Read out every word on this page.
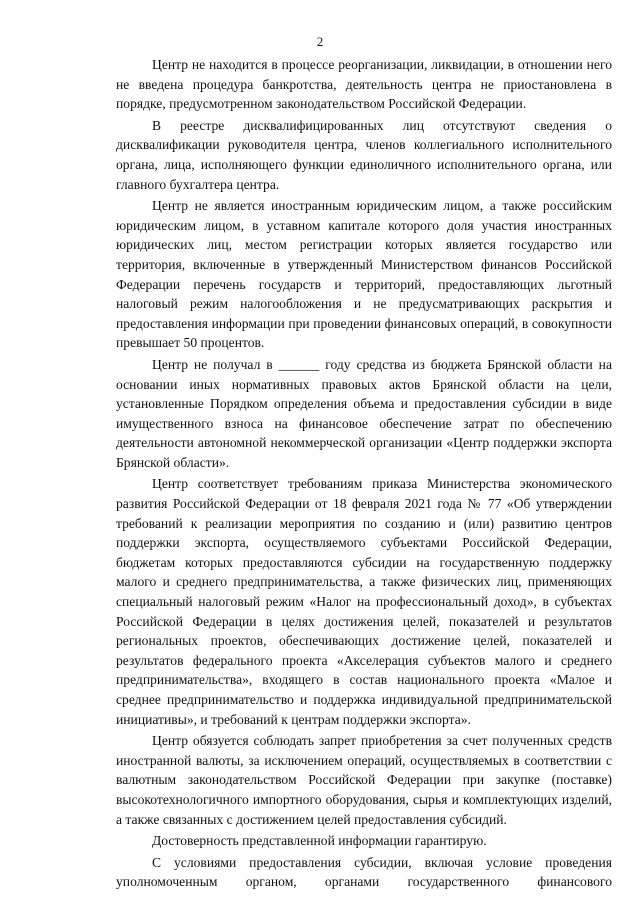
2

Центр не находится в процессе реорганизации, ликвидации, в отношении него не введена процедура банкротства, деятельность центра не приостановлена в порядке, предусмотренном законодательством Российской Федерации.

В реестре дисквалифицированных лиц отсутствуют сведения о дисквалификации руководителя центра, членов коллегиального исполнительного органа, лица, исполняющего функции единоличного исполнительного органа, или главного бухгалтера центра.

Центр не является иностранным юридическим лицом, а также российским юридическим лицом, в уставном капитале которого доля участия иностранных юридических лиц, местом регистрации которых является государство или территория, включенные в утвержденный Министерством финансов Российской Федерации перечень государств и территорий, предоставляющих льготный налоговый режим налогообложения и не предусматривающих раскрытия и предоставления информации при проведении финансовых операций, в совокупности превышает 50 процентов.

Центр не получал в ______ году средства из бюджета Брянской области на основании иных нормативных правовых актов Брянской области на цели, установленные Порядком определения объема и предоставления субсидии в виде имущественного взноса на финансовое обеспечение затрат по обеспечению деятельности автономной некоммерческой организации «Центр поддержки экспорта Брянской области».

Центр соответствует требованиям приказа Министерства экономического развития Российской Федерации от 18 февраля 2021 года № 77 «Об утверждении требований к реализации мероприятия по созданию и (или) развитию центров поддержки экспорта, осуществляемого субъектами Российской Федерации, бюджетам которых предоставляются субсидии на государственную поддержку малого и среднего предпринимательства, а также физических лиц, применяющих специальный налоговый режим «Налог на профессиональный доход», в субъектах Российской Федерации в целях достижения целей, показателей и результатов региональных проектов, обеспечивающих достижение целей, показателей и результатов федерального проекта «Акселерация субъектов малого и среднего предпринимательства», входящего в состав национального проекта «Малое и среднее предпринимательство и поддержка индивидуальной предпринимательской инициативы», и требований к центрам поддержки экспорта».

Центр обязуется соблюдать запрет приобретения за счет полученных средств иностранной валюты, за исключением операций, осуществляемых в соответствии с валютным законодательством Российской Федерации при закупке (поставке) высокотехнологичного импортного оборудования, сырья и комплектующих изделий, а также связанных с достижением целей предоставления субсидий.

Достоверность представленной информации гарантирую.

С условиями предоставления субсидии, включая условие проведения уполномоченным органом, органами государственного финансового
